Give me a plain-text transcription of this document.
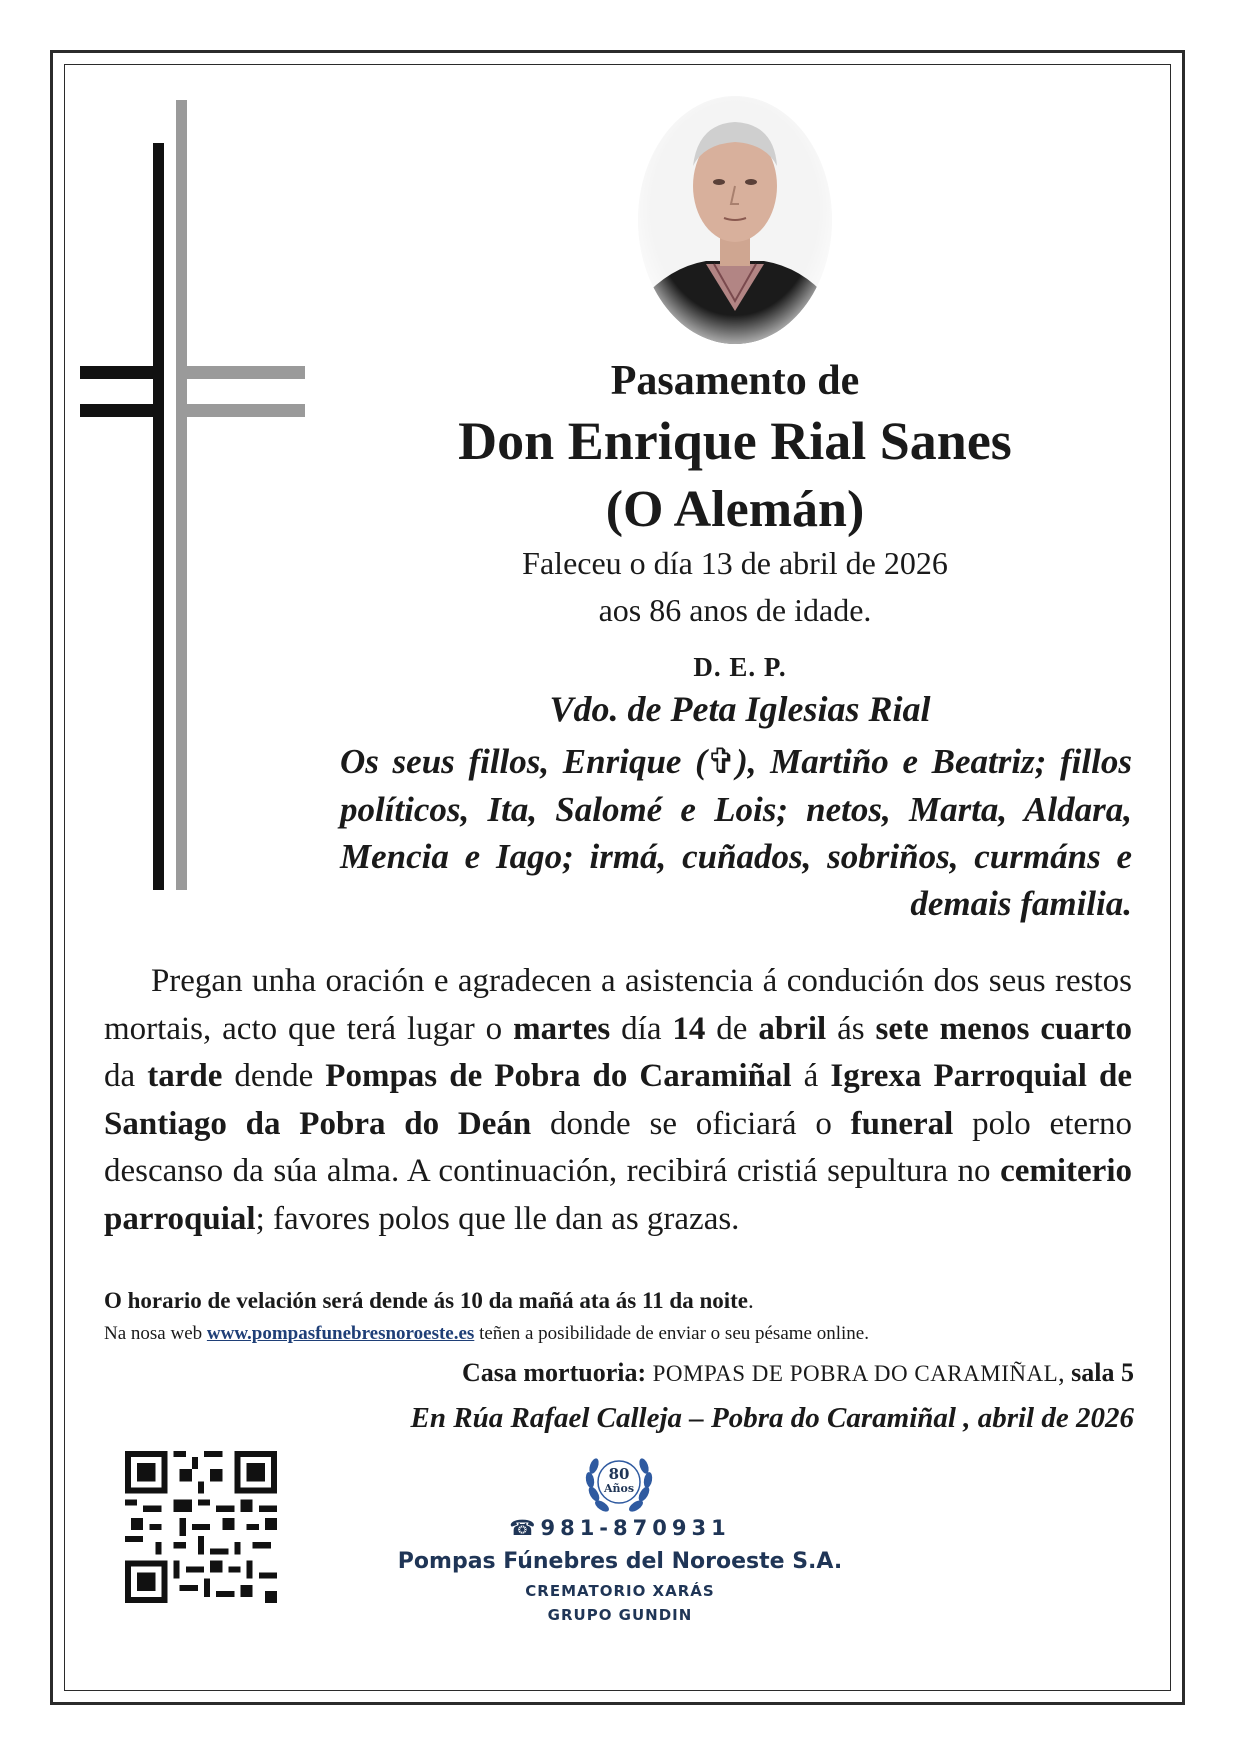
Pasamento de
Don Enrique Rial Sanes
(O Alemán)
Faleceu o día 13 de abril de 2026
aos 86 anos de idade.
D. E. P.
Vdo. de Peta Iglesias Rial
Os seus fillos, Enrique (✞), Martiño e Beatriz; fillos políticos, Ita, Salomé e Lois; netos, Marta, Aldara, Mencia e Iago; irmá, cuñados, sobriños, curmáns e demais familia.
Pregan unha oración e agradecen a asistencia á condución dos seus restos mortais, acto que terá lugar o martes día 14 de abril ás sete menos cuarto da tarde dende Pompas de Pobra do Caramiñal á Igrexa Parroquial de Santiago da Pobra do Deán donde se oficiará o funeral polo eterno descanso da súa alma. A continuación, recibirá cristiá sepultura no cemiterio parroquial; favores polos que lle dan as grazas.
O horario de velación será dende ás 10 da mañá ata ás 11 da noite.
Na nosa web www.pompasfunebresnoroeste.es teñen a posibilidade de enviar o seu pésame online.
Casa mortuoria: POMPAS DE POBRA DO CARAMIÑAL, sala 5
En Rúa Rafael Calleja – Pobra do Caramiñal , abril de 2026
80
Años
☎981-870931
Pompas Fúnebres del Noroeste S.A.
CREMATORIO XARÁS
GRUPO GUNDIN
